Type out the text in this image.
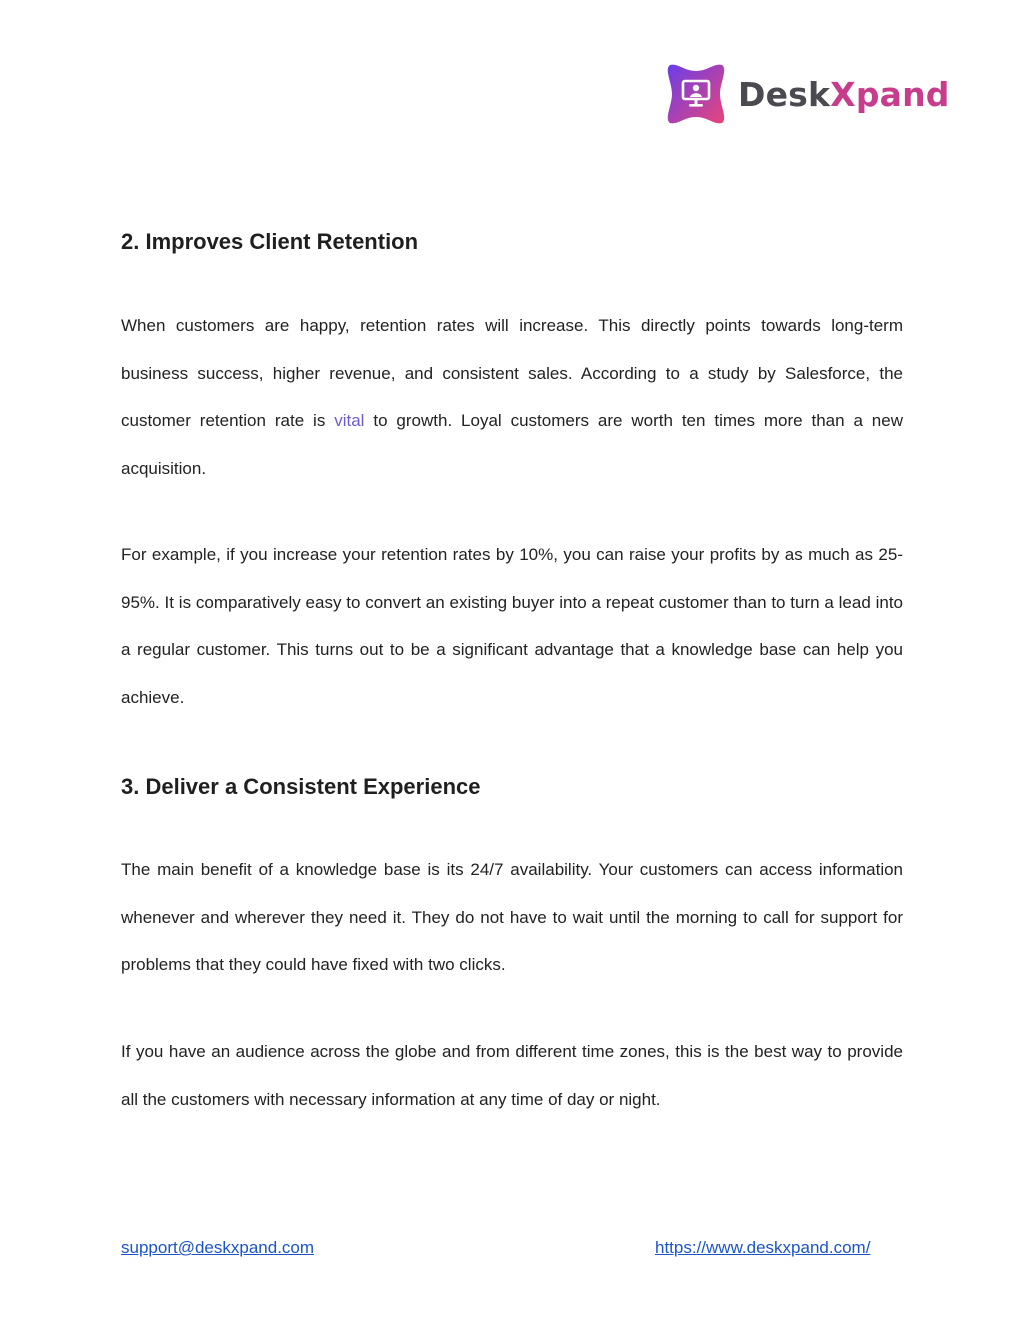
DeskXpand
2. Improves Client Retention

When customers are happy, retention rates will increase. This directly points towards long-term business success, higher revenue, and consistent sales. According to a study by Salesforce, the customer retention rate is vital to growth. Loyal customers are worth ten times more than a new acquisition.

For example, if you increase your retention rates by 10%, you can raise your profits by as much as 25-95%. It is comparatively easy to convert an existing buyer into a repeat customer than to turn a lead into a regular customer. This turns out to be a significant advantage that a knowledge base can help you achieve.

3. Deliver a Consistent Experience

The main benefit of a knowledge base is its 24/7 availability. Your customers can access information whenever and wherever they need it. They do not have to wait until the morning to call for support for problems that they could have fixed with two clicks.

If you have an audience across the globe and from different time zones, this is the best way to provide all the customers with necessary information at any time of day or night.

support@deskxpand.com	https://www.deskxpand.com/
